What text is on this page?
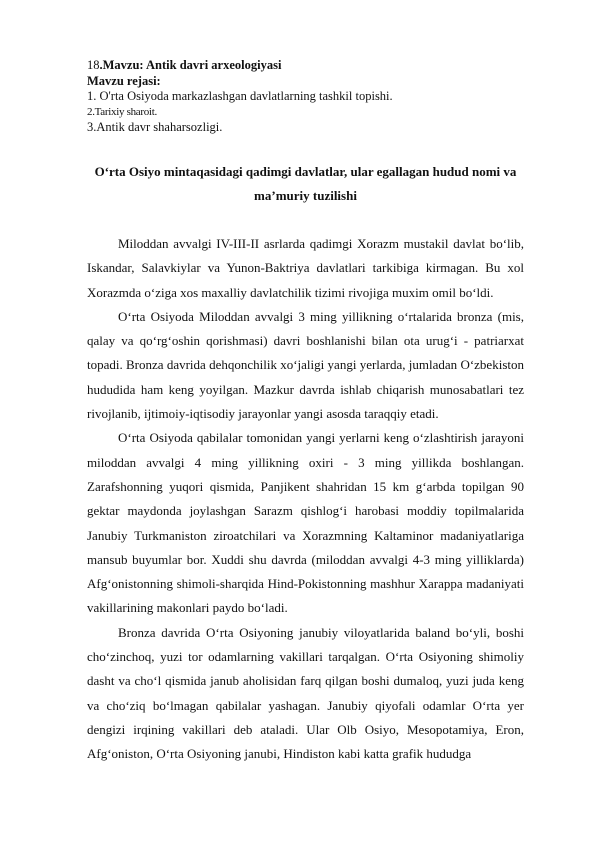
18.Mavzu: Antik davri arxeologiyasi
Mavzu rejasi:
1. O'rta Osiyoda markazlashgan davlatlarning tashkil topishi.
2.Tarixiy sharoit.
3.Antik davr shaharsozligi.
O‘rta Osiyo mintaqasidagi qadimgi davlatlar, ular egallagan hudud nomi va ma’muriy tuzilishi

Miloddan avvalgi IV-III-II asrlarda qadimgi Xorazm mustakil davlat bo‘lib, Iskandar, Salavkiylar va Yunon-Baktriya davlatlari tarkibiga kirmagan. Bu xol Xorazmda o‘ziga xos maxalliy davlatchilik tizimi rivojiga muxim omil bo‘ldi.

O‘rta Osiyoda Miloddan avvalgi 3 ming yillikning o‘rtalarida bronza (mis, qalay va qo‘rg‘oshin qorishmasi) davri boshlanishi bilan ota urug‘i - patriarxat topadi. Bronza davrida dehqonchilik xo‘jaligi yangi yerlarda, jumladan O‘zbekiston hududida ham keng yoyilgan. Mazkur davrda ishlab chiqarish munosabatlari tez rivojlanib, ijtimoiy-iqtisodiy jarayonlar yangi asosda taraqqiy etadi.

O‘rta Osiyoda qabilalar tomonidan yangi yerlarni keng o‘zlashtirish jarayoni miloddan avvalgi 4 ming yillikning oxiri - 3 ming yillikda boshlangan. Zarafshonning yuqori qismida, Panjikent shahridan 15 km g‘arbda topilgan 90 gektar maydonda joylashgan Sarazm qishlog‘i harobasi moddiy topilmalarida Janubiy Turkmaniston ziroatchilari va Xorazmning Kaltaminor madaniyatlariga mansub buyumlar bor. Xuddi shu davrda (miloddan avvalgi 4-3 ming yilliklarda) Afg‘onistonning shimoli-sharqida Hind-Pokistonning mashhur Xarappa madaniyati vakillarining makonlari paydo bo‘ladi.

Bronza davrida O‘rta Osiyoning janubiy viloyatlarida baland bo‘yli, boshi cho‘zinchoq, yuzi tor odamlarning vakillari tarqalgan. O‘rta Osiyoning shimoliy dasht va cho‘l qismida janub aholisidan farq qilgan boshi dumaloq, yuzi juda keng va cho‘ziq bo‘lmagan qabilalar yashagan. Janubiy qiyofali odamlar O‘rta yer dengizi irqining vakillari deb ataladi. Ular Olb Osiyo, Mesopotamiya, Eron, Afg‘oniston, O‘rta Osiyoning janubi, Hindiston kabi katta grafik hududga
